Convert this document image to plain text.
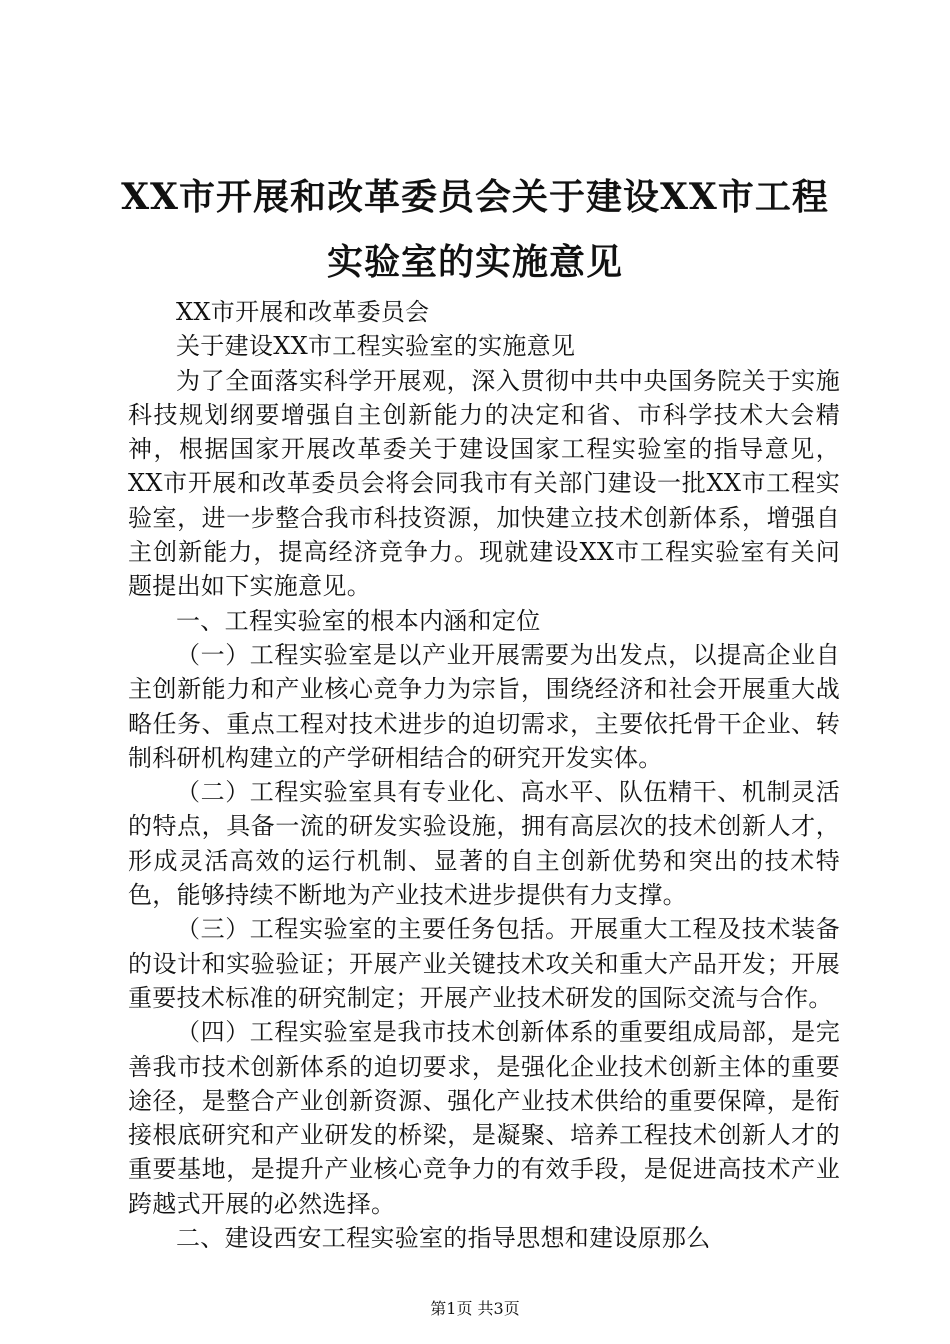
XX市开展和改革委员会关于建设XX市工程实验室的实施意见

XX市开展和改革委员会

关于建设XX市工程实验室的实施意见

为了全面落实科学开展观，深入贯彻中共中央国务院关于实施科技规划纲要增强自主创新能力的决定和省、市科学技术大会精神，根据国家开展改革委关于建设国家工程实验室的指导意见，XX市开展和改革委员会将会同我市有关部门建设一批XX市工程实验室，进一步整合我市科技资源，加快建立技术创新体系，增强自主创新能力，提高经济竞争力。现就建设XX市工程实验室有关问题提出如下实施意见。

一、工程实验室的根本内涵和定位

（一）工程实验室是以产业开展需要为出发点，以提高企业自主创新能力和产业核心竞争力为宗旨，围绕经济和社会开展重大战略任务、重点工程对技术进步的迫切需求，主要依托骨干企业、转制科研机构建立的产学研相结合的研究开发实体。

（二）工程实验室具有专业化、高水平、队伍精干、机制灵活的特点，具备一流的研发实验设施，拥有高层次的技术创新人才，形成灵活高效的运行机制、显著的自主创新优势和突出的技术特色，能够持续不断地为产业技术进步提供有力支撑。

（三）工程实验室的主要任务包括。开展重大工程及技术装备的设计和实验验证；开展产业关键技术攻关和重大产品开发；开展重要技术标准的研究制定；开展产业技术研发的国际交流与合作。

（四）工程实验室是我市技术创新体系的重要组成局部，是完善我市技术创新体系的迫切要求，是强化企业技术创新主体的重要途径，是整合产业创新资源、强化产业技术供给的重要保障，是衔接根底研究和产业研发的桥梁，是凝聚、培养工程技术创新人才的重要基地，是提升产业核心竞争力的有效手段，是促进高技术产业跨越式开展的必然选择。

二、建设西安工程实验室的指导思想和建设原那么

第1页 共3页
